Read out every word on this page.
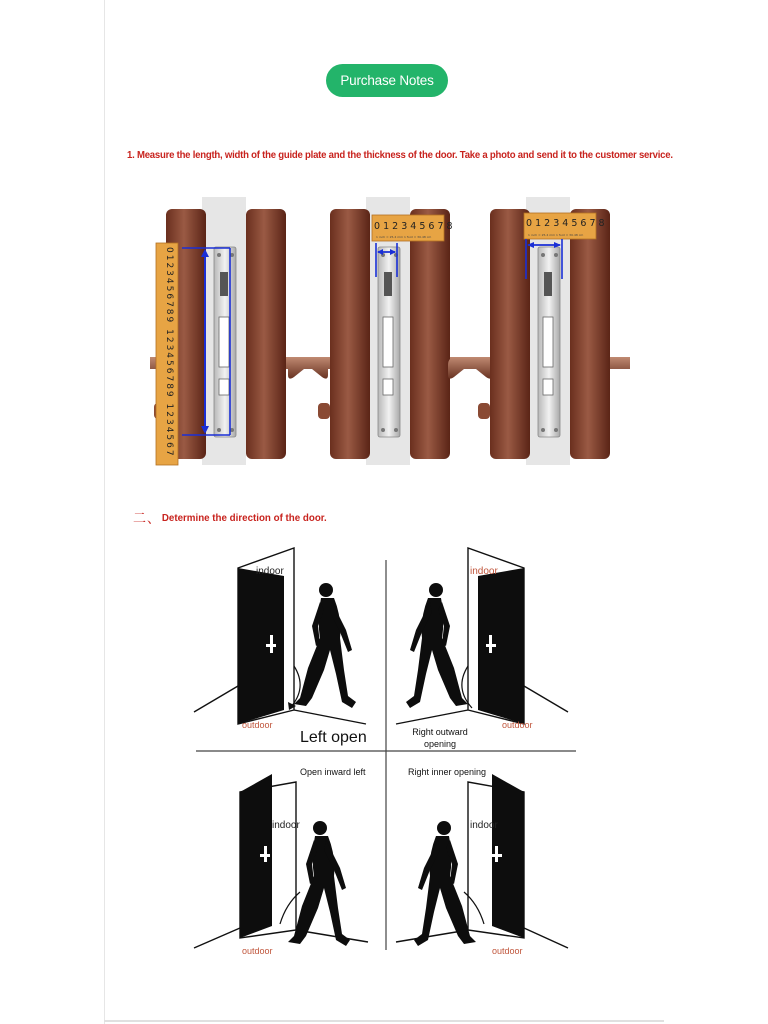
Purchase Notes
1. Measure the length, width of the guide plate and the thickness of the door. Take a photo and send it to the customer service.
0123456789 123456789 1234567
0 1 2 3 4 5 6 7 8
1 inch = 25.4 mm 1 foot = 30.48 cm
0 1 2 3 4 5 6 7 8
1 inch = 25.4 mm 1 foot = 30.48 cm
二、 Determine the direction of the door.
indoor
outdoor
Left open
indoor
outdoor
Right outward
opening
Open inward left
indoor
outdoor
Right inner opening
indoor
outdoor
